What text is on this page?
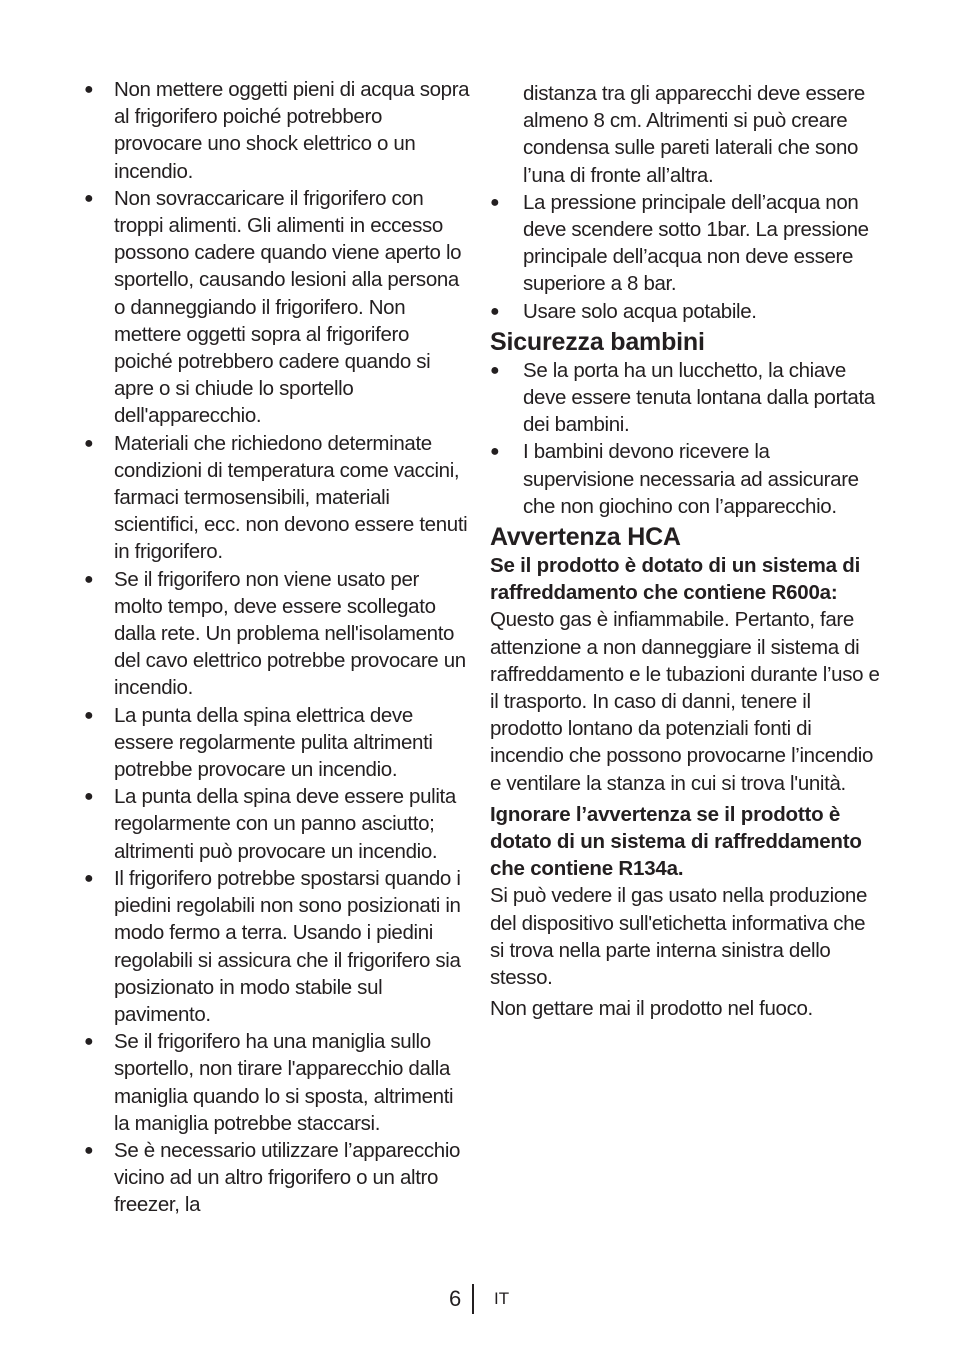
● Non mettere oggetti pieni di acqua sopra al frigorifero poiché potrebbero provocare uno shock elettrico o un incendio.
● Non sovraccaricare il frigorifero con troppi alimenti. Gli alimenti in eccesso possono cadere quando viene aperto lo sportello, causando lesioni alla persona o danneggiando il frigorifero. Non mettere oggetti sopra al frigorifero poiché potrebbero cadere quando si apre o si chiude lo sportello dell'apparecchio.
● Materiali che richiedono determinate condizioni di temperatura come vaccini, farmaci termosensibili, materiali scientifici, ecc. non devono essere tenuti in frigorifero.
● Se il frigorifero non viene usato per molto tempo, deve essere scollegato dalla rete. Un problema nell'isolamento del cavo elettrico potrebbe provocare un incendio.
● La punta della spina elettrica deve essere regolarmente pulita altrimenti potrebbe provocare un incendio.
● La punta della spina deve essere pulita regolarmente con un panno asciutto; altrimenti può provocare un incendio.
● Il frigorifero potrebbe spostarsi quando i piedini regolabili non sono posizionati in modo fermo a terra. Usando i piedini regolabili si assicura che il frigorifero sia posizionato in modo stabile sul pavimento.
● Se il frigorifero ha una maniglia sullo sportello, non tirare l'apparecchio dalla maniglia quando lo si sposta, altrimenti la maniglia potrebbe staccarsi.
● Se è necessario utilizzare l’apparecchio vicino ad un altro frigorifero o un altro freezer, la
distanza tra gli apparecchi deve essere almeno 8 cm. Altrimenti si può creare condensa sulle pareti laterali che sono l’una di fronte all’altra.
● La pressione principale dell’acqua non deve scendere sotto 1bar. La pressione principale dell’acqua non deve essere superiore a 8 bar.
● Usare solo acqua potabile.
Sicurezza bambini
● Se la porta ha un lucchetto, la chiave deve essere tenuta lontana dalla portata dei bambini.
● I bambini devono ricevere la supervisione necessaria ad assicurare che non giochino con l’apparecchio.
Avvertenza HCA
Se il prodotto è dotato di un sistema di raffreddamento che contiene R600a:
Questo gas è infiammabile. Pertanto, fare attenzione a non danneggiare il sistema di raffreddamento e le tubazioni durante l’uso e il trasporto. In caso di danni, tenere il prodotto lontano da potenziali fonti di incendio che possono provocarne l’incendio e ventilare la stanza in cui si trova l'unità.
Ignorare l’avvertenza se il prodotto è dotato di un sistema di raffreddamento che contiene R134a.
Si può vedere il gas usato nella produzione del dispositivo sull'etichetta informativa che si trova nella parte interna sinistra dello stesso.
Non gettare mai il prodotto nel fuoco.
6 IT
